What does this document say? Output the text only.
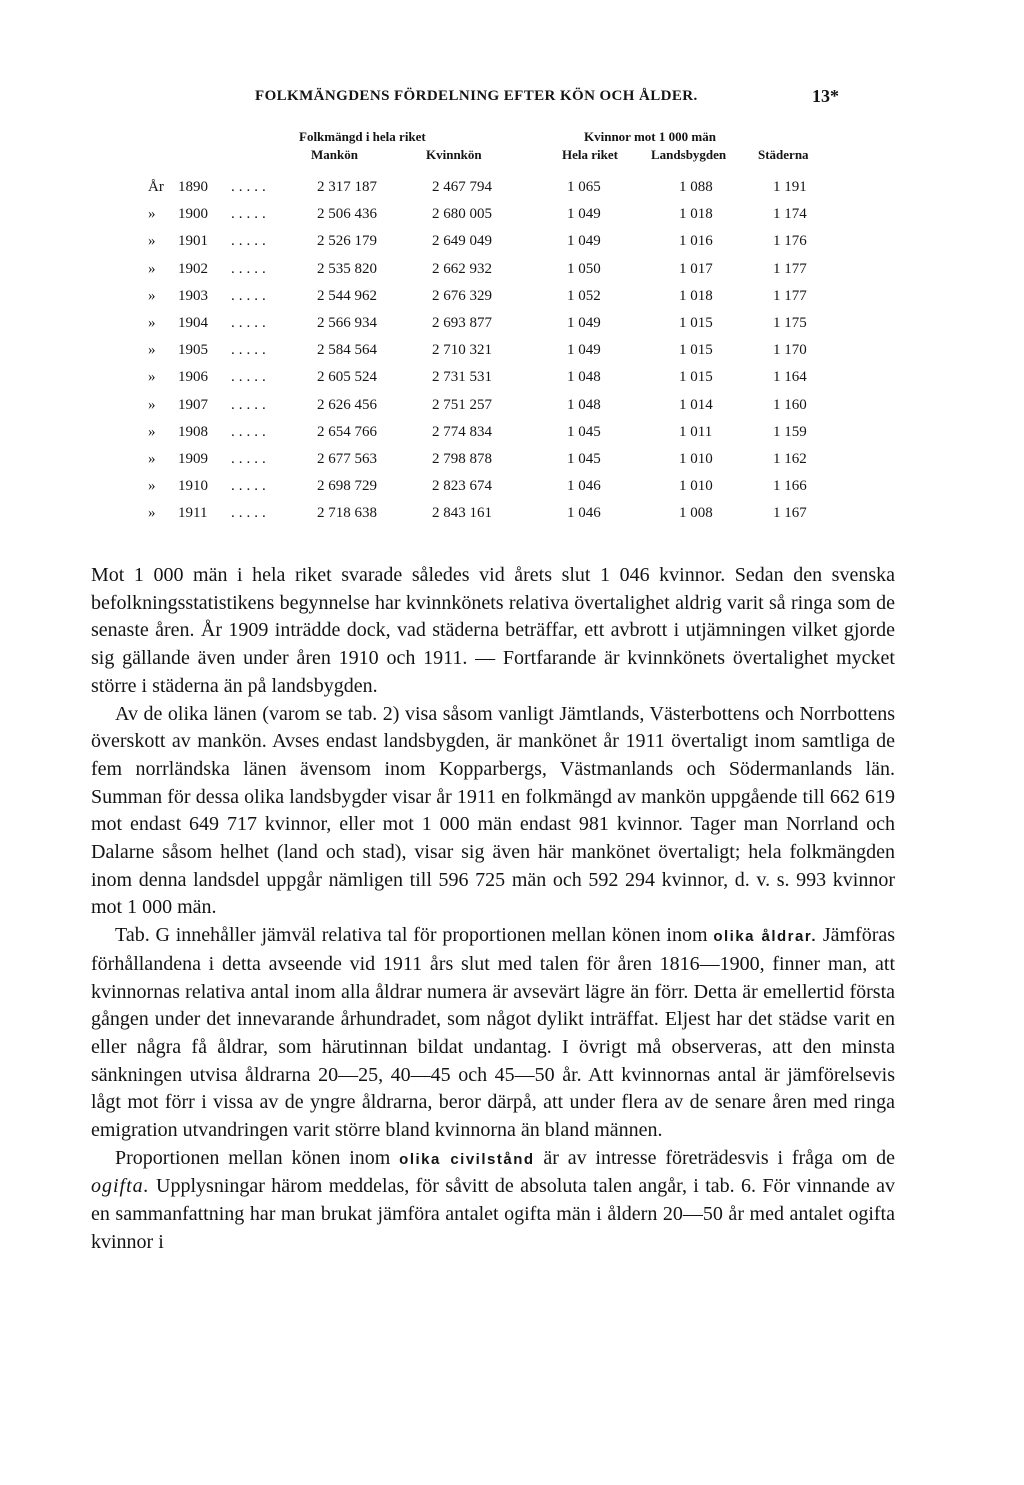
FOLKMÄNGDENS FÖRDELNING EFTER KÖN OCH ÅLDER.	13*
Folkmängd i hela riket
Mankön	Kvinnkön
Kvinnor mot 1 000 män
Hela riket	Landsbygden Städerna
År 1890 .....	2 317 187	2 467 794	1 065	1 088	1 191
»	1900 .....	2 506 436	2 680 005	1 049	1 018	1 174
»	1901 .....	2 526 179	2 649 049	1 049	1 016	1 176
»	1902 .....	2 535 820	2 662 932	1 050	1 017	1 177
»	1903 .....	2 544 962	2 676 329	1 052	1 018	1 177
»	1904 .....	2 566 934	2 693 877	1 049	1 015	1 175
»	1905 .....	2 584 564	2 710 321	1 049	1 015	1 170
»	1906 .....	2 605 524	2 731 531	1 048	1 015	1 164
»	1907 .....	2 626 456	2 751 257	1 048	1 014	1 160
»	1908 .....	2 654 766	2 774 834	1 045	1 011	1 159
»	1909 .....	2 677 563	2 798 878	1 045	1 010	1 162
»	1910 .....	2 698 729	2 823 674	1 046	1 010	1 166
»	1911 .....	2 718 638	2 843 161	1 046	1 008	1 167

Mot 1 000 män i hela riket svarade således vid årets slut 1 046 kvinnor. Sedan den svenska befolkningsstatistikens begynnelse har kvinnkönets relativa övertalighet aldrig varit så ringa som de senaste åren. År 1909 inträdde dock, vad städerna beträffar, ett avbrott i utjämningen vilket gjorde sig gällande även under åren 1910 och 1911. — Fortfarande är kvinnkönets övertalighet mycket större i städerna än på landsbygden.

Av de olika länen (varom se tab. 2) visa såsom vanligt Jämtlands, Västerbottens och Norrbottens överskott av mankön. Avses endast landsbygden, är mankönet år 1911 övertaligt inom samtliga de fem norrländska länen ävensom inom Kopparbergs, Västmanlands och Södermanlands län. Summan för dessa olika landsbygder visar år 1911 en folkmängd av mankön uppgående till 662 619 mot endast 649 717 kvinnor, eller mot 1 000 män endast 981 kvinnor. Tager man Norrland och Dalarne såsom helhet (land och stad), visar sig även här mankönet övertaligt; hela folkmängden inom denna landsdel uppgår nämligen till 596 725 män och 592 294 kvinnor, d. v. s. 993 kvinnor mot 1 000 män.

Tab. G innehåller jämväl relativa tal för proportionen mellan könen inom olika åldrar. Jämföras förhållandena i detta avseende vid 1911 års slut med talen för åren 1816—1900, finner man, att kvinnornas relativa antal inom alla åldrar numera är avsevärt lägre än förr. Detta är emellertid första gången under det innevarande århundradet, som något dylikt inträffat. Eljest har det städse varit en eller några få åldrar, som härutinnan bildat undantag. I övrigt må observeras, att den minsta sänkningen utvisa åldrarna 20—25, 40—45 och 45—50 år. Att kvinnornas antal är jämförelsevis lågt mot förr i vissa av de yngre åldrarna, beror därpå, att under flera av de senare åren med ringa emigration utvandringen varit större bland kvinnorna än bland männen.

Proportionen mellan könen inom olika civilstånd är av intresse företrädesvis i fråga om de ogifta. Upplysningar härom meddelas, för såvitt de absoluta talen angår, i tab. 6. För vinnande av en sammanfattning har man brukat jämföra antalet ogifta män i åldern 20—50 år med antalet ogifta kvinnor i
